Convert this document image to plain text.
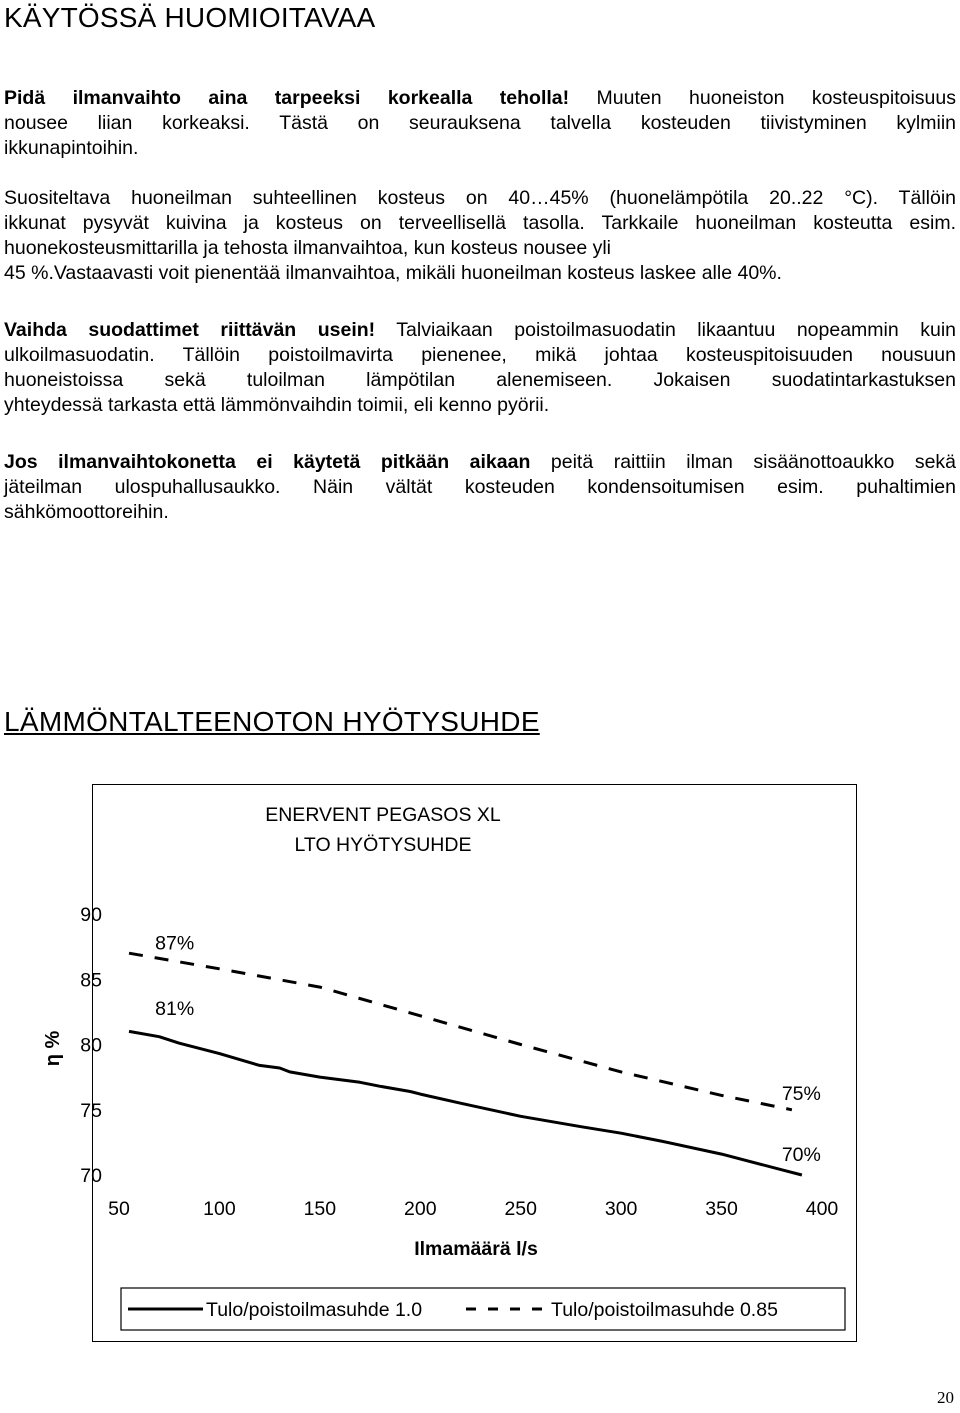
KÄYTÖSSÄ HUOMIOITAVAA
Pidä ilmanvaihto aina tarpeeksi korkealla teholla! Muuten huoneiston kosteuspitoisuus
nousee liian korkeaksi. Tästä on seurauksena talvella kosteuden tiivistyminen kylmiin
ikkunapintoihin.
Suositeltava huoneilman suhteellinen kosteus on 40…45% (huonelämpötila 20..22 °C). Tällöin
ikkunat pysyvät kuivina ja kosteus on terveellisellä tasolla. Tarkkaile huoneilman kosteutta esim.
huonekosteusmittarilla ja tehosta ilmanvaihtoa, kun kosteus nousee yli
45 %.Vastaavasti voit pienentää ilmanvaihtoa, mikäli huoneilman kosteus laskee alle 40%.
Vaihda suodattimet riittävän usein! Talviaikaan poistoilmasuodatin likaantuu nopeammin kuin
ulkoilmasuodatin. Tällöin poistoilmavirta pienenee, mikä johtaa kosteuspitoisuuden nousuun
huoneistoissa sekä tuloilman lämpötilan alenemiseen. Jokaisen suodatintarkastuksen
yhteydessä tarkasta että lämmönvaihdin toimii, eli kenno pyörii.
Jos ilmanvaihtokonetta ei käytetä pitkään aikaan peitä raittiin ilman sisäänottoaukko sekä
jäteilman ulospuhallusaukko. Näin vältät kosteuden kondensoitumisen esim. puhaltimien
sähkömoottoreihin.
LÄMMÖNTALTEENOTON HYÖTYSUHDE
ENERVENT PEGASOS XL
LTO HYÖTYSUHDE
90
85
80
75
70
50	100	150	200	250	300	350	400
Ilmamäärä l/s
η %
87%
81%
75%
70%
Tulo/poistoilmasuhde 1.0	Tulo/poistoilmasuhde 0.85
20
